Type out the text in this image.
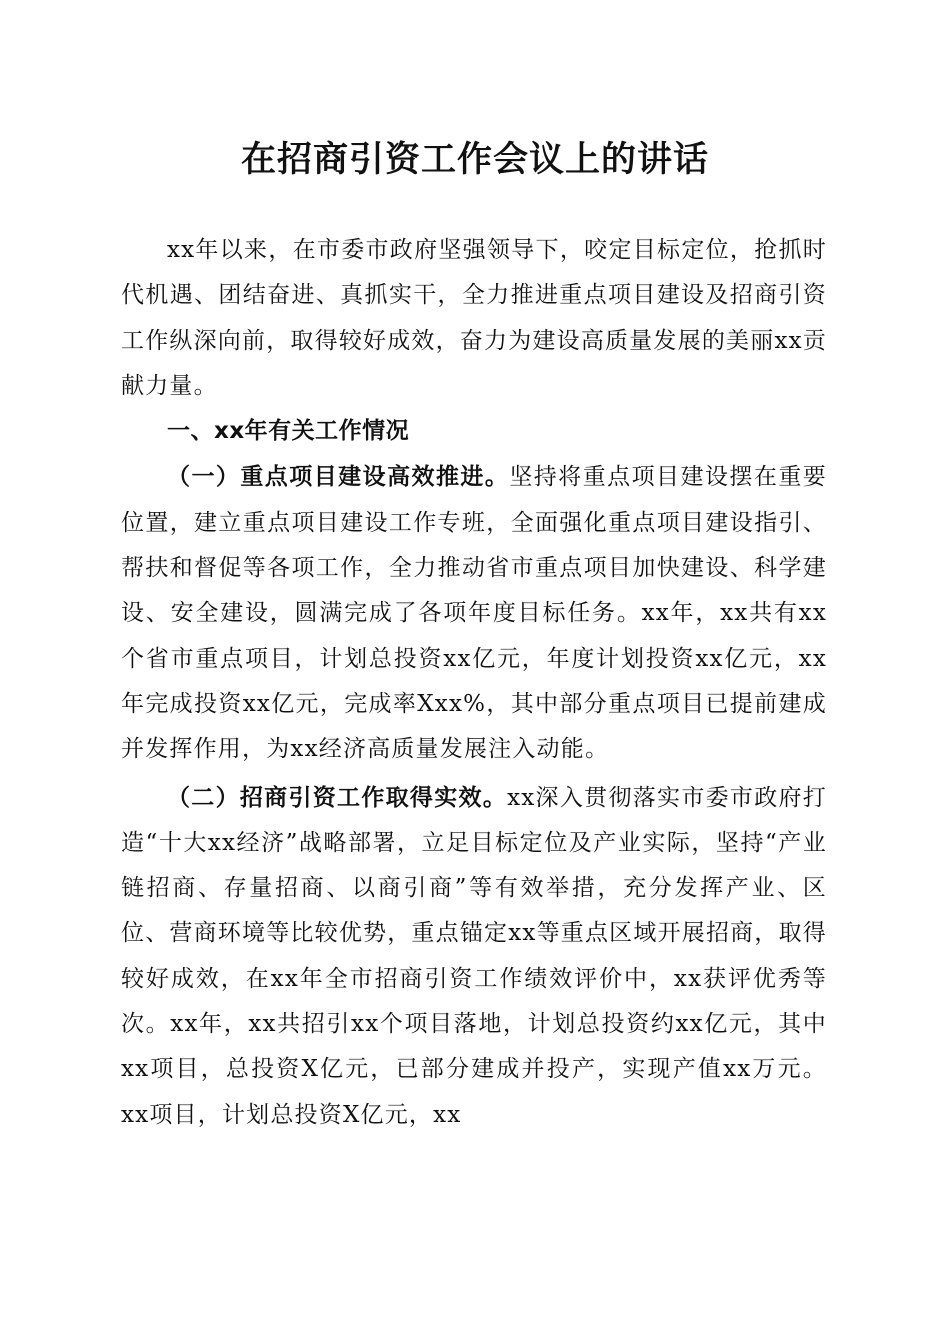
在招商引资工作会议上的讲话

xx年以来，在市委市政府坚强领导下，咬定目标定位，抢抓时代机遇、团结奋进、真抓实干，全力推进重点项目建设及招商引资工作纵深向前，取得较好成效，奋力为建设高质量发展的美丽xx贡献力量。

一、xx年有关工作情况

（一）重点项目建设高效推进。坚持将重点项目建设摆在重要位置，建立重点项目建设工作专班，全面强化重点项目建设指引、帮扶和督促等各项工作，全力推动省市重点项目加快建设、科学建设、安全建设，圆满完成了各项年度目标任务。xx年，xx共有xx个省市重点项目，计划总投资xx亿元，年度计划投资xx亿元，xx年完成投资xx亿元，完成率Xxx%，其中部分重点项目已提前建成并发挥作用，为xx经济高质量发展注入动能。

（二）招商引资工作取得实效。xx深入贯彻落实市委市政府打造“十大xx经济”战略部署，立足目标定位及产业实际，坚持“产业链招商、存量招商、以商引商”等有效举措，充分发挥产业、区位、营商环境等比较优势，重点锚定xx等重点区域开展招商，取得较好成效，在xx年全市招商引资工作绩效评价中，xx获评优秀等次。xx年，xx共招引xx个项目落地，计划总投资约xx亿元，其中xx项目，总投资X亿元，已部分建成并投产，实现产值xx万元。xx项目，计划总投资X亿元，xx
